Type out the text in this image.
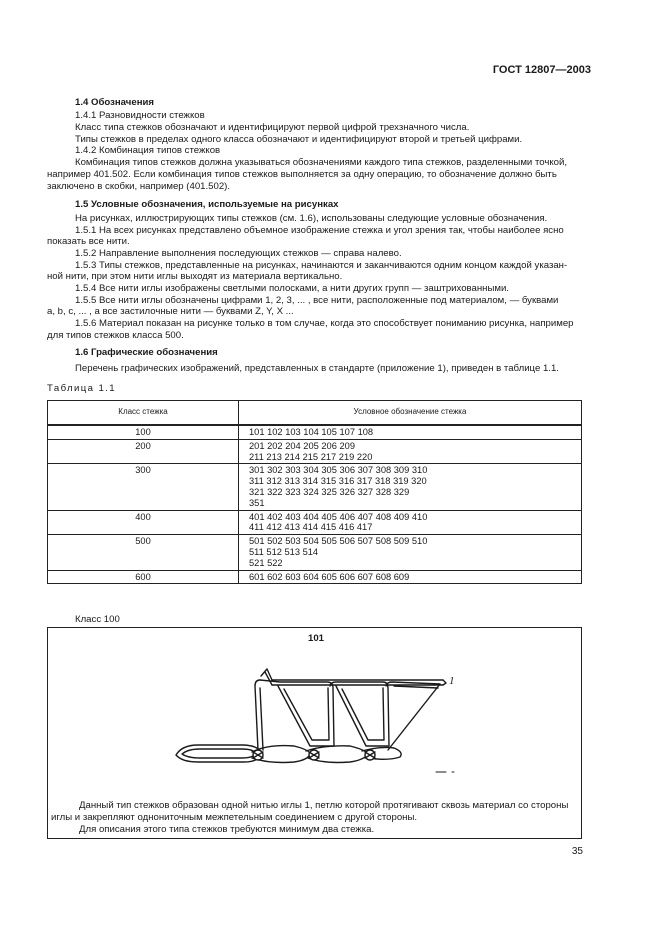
ГОСТ 12807—2003
1.4 Обозначения
1.4.1 Разновидности стежков
Класс типа стежков обозначают и идентифицируют первой цифрой трехзначного числа.
Типы стежков в пределах одного класса обозначают и идентифицируют второй и третьей цифрами.
1.4.2 Комбинация типов стежков
Комбинация типов стежков должна указываться обозначениями каждого типа стежков, разделенными точкой,
например 401.502. Если комбинация типов стежков выполняется за одну операцию, то обозначение должно быть
заключено в скобки, например (401.502).
1.5 Условные обозначения, используемые на рисунках
На рисунках, иллюстрирующих типы стежков (см. 1.6), использованы следующие условные обозначения.
1.5.1 На всех рисунках представлено объемное изображение стежка и угол зрения так, чтобы наиболее ясно
показать все нити.
1.5.2 Направление выполнения последующих стежков — справа налево.
1.5.3 Типы стежков, представленные на рисунках, начинаются и заканчиваются одним концом каждой указан-
ной нити, при этом нити иглы выходят из материала вертикально.
1.5.4 Все нити иглы изображены светлыми полосками, а нити других групп — заштрихованными.
1.5.5 Все нити иглы обозначены цифрами 1, 2, 3, ... , все нити, расположенные под материалом, — буквами
a, b, c, ... , а все застилочные нити — буквами Z, Y, X ...
1.5.6 Материал показан на рисунке только в том случае, когда это способствует пониманию рисунка, например
для типов стежков класса 500.
1.6 Графические обозначения
Перечень графических изображений, представленных в стандарте (приложение 1), приведен в таблице 1.1.
Таблица 1.1
Класс стежка	Условное обозначение стежка
100	101 102 103 104 105 107 108

200	201 202 204 205 206 209
211 213 214 215 217 219 220

300	301 302 303 304 305 306 307 308 309 310
311 312 313 314 315 316 317 318 319 320
321 322 323 324 325 326 327 328 329
351

400	401 402 403 404 405 406 407 408 409 410
411 412 413 414 415 416 417

500	501 502 503 504 505 506 507 508 509 510
511 512 513 514
521 522

600	601 602 603 604 605 606 607 608 609
Класс 100
101
1
Данный тип стежков образован одной нитью иглы 1, петлю которой протягивают сквозь материал со стороны
иглы и закрепляют однониточным межпетельным соединением с другой стороны.
Для описания этого типа стежков требуются минимум два стежка.
35
